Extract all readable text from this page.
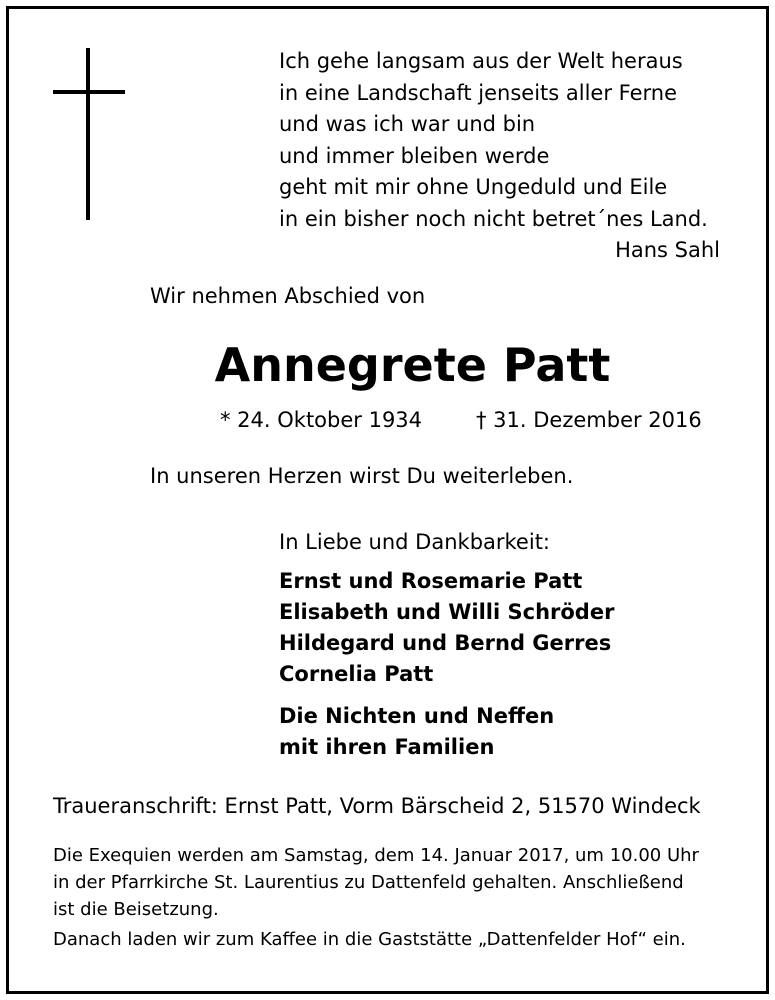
Ich gehe langsam aus der Welt heraus
in eine Landschaft jenseits aller Ferne
und was ich war und bin
und immer bleiben werde
geht mit mir ohne Ungeduld und Eile
in ein bisher noch nicht betret´nes Land.
Hans Sahl
Wir nehmen Abschied von
Annegrete Patt
* 24. Oktober 1934	† 31. Dezember 2016
In unseren Herzen wirst Du weiterleben.
In Liebe und Dankbarkeit:
Ernst und Rosemarie Patt
Elisabeth und Willi Schröder
Hildegard und Bernd Gerres
Cornelia Patt
Die Nichten und Neffen
mit ihren Familien
Traueranschrift: Ernst Patt, Vorm Bärscheid 2, 51570 Windeck
Die Exequien werden am Samstag, dem 14. Januar 2017, um 10.00 Uhr
in der Pfarrkirche St. Laurentius zu Dattenfeld gehalten. Anschließend
ist die Beisetzung.
Danach laden wir zum Kaffee in die Gaststätte „Dattenfelder Hof“ ein.
